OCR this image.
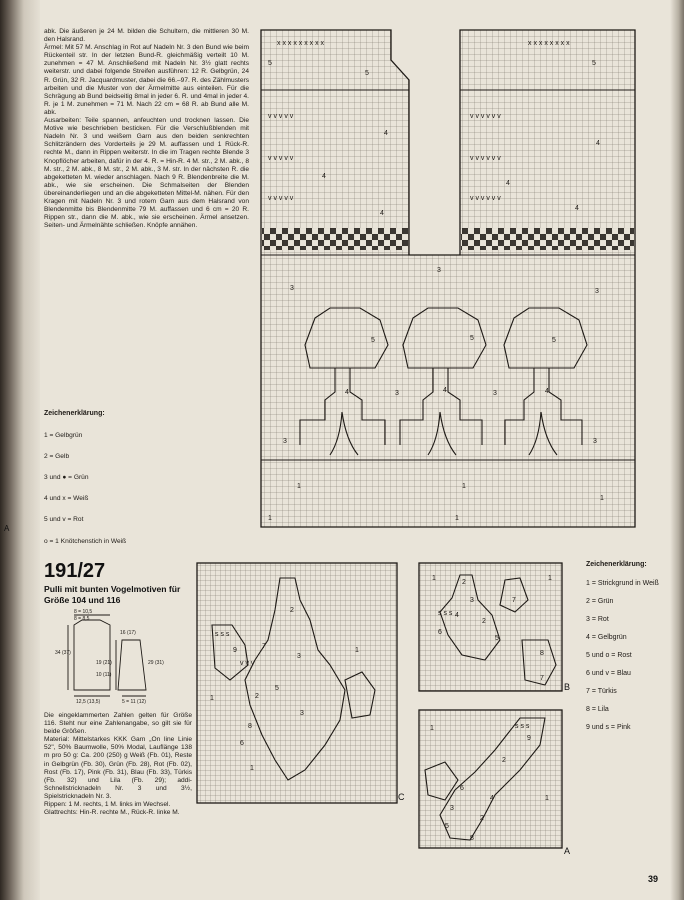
A
5
5
5
4
4
4
4
4
4
3
3	3
5	5	5
4	4	4
3
3	3
3
1	1
1
1	1
x x x x x x x x x	x x x x x x x x
v v v v v	v v v v v v
v v v v v	v v v v v v
v v v v v	v v v v v v
2
9
7
3
5
2
3
8
6
1
1
1
s s s
v v v
2
3
4
6
7
2
5
8
1	1
7
s s s
9
2
6
4
3
2
5
8
1
1
s s s
C
B
A
8 = 10,5
8 = 8,5
16 (17)
34 (37)
19 (21)
10 (11)
29 (31)
12,5 (13,5)	5 = 11 (12)
abk. Die äußeren je 24 M. bilden die Schultern, die mittleren 30 M. den Halsrand.
Ärmel: Mit 57 M. Anschlag in Rot auf Nadeln Nr. 3 den Bund wie beim Rückenteil str. In der letzten Bund-R. gleichmäßig verteilt 10 M. zunehmen = 47 M. Anschließend mit Nadeln Nr. 3½ glatt rechts weiterstr. und dabei folgende Streifen ausführen: 12 R. Gelbgrün, 24 R. Grün, 32 R. Jacquardmuster, dabei die 66.–97. R. des Zählmusters arbeiten und die Muster von der Ärmelmitte aus einteilen. Für die Schrägung ab Bund beidseitig 8mal in jeder 6. R. und 4mal in jeder 4. R. je 1 M. zunehmen = 71 M. Nach 22 cm = 68 R. ab Bund alle M. abk.
Ausarbeiten: Teile spannen, anfeuchten und trocknen lassen. Die Motive wie beschrieben besticken. Für die Verschlußblenden mit Nadeln Nr. 3 und weißem Garn aus den beiden senkrechten Schlitzrändern des Vorderteils je 29 M. auffassen und 1 Rück-R. rechte M., dann in Rippen weiterstr. In die im Tragen rechte Blende 3 Knopflöcher arbeiten, dafür in der 4. R. = Hin-R. 4 M. str., 2 M. abk., 8 M. str., 2 M. abk., 8 M. str., 2 M. abk., 3 M. str. In der nächsten R. die abgeketteten M. wieder anschlagen. Nach 9 R. Blendenbreite die M. abk., wie sie erscheinen. Die Schmalseiten der Blenden übereinanderliegen und an die abgeketteten Mittel-M. nähen. Für den Kragen mit Nadeln Nr. 3 und rotem Garn aus dem Halsrand von Blendenmitte bis Blendenmitte 79 M. auffassen und 6 cm = 20 R. Rippen str., dann die M. abk., wie sie erscheinen. Ärmel ansetzen. Seiten- und Ärmelnähte schließen. Knöpfe annähen.
Zeichenerklärung:
1 = Gelbgrün
2 = Gelb
3 und ● = Grün
4 und x = Weiß
5 und v = Rot
o = 1 Knötchenstich in Weiß
191/27
Pulli mit bunten Vogelmotiven für Größe 104 und 116
Die eingeklammerten Zahlen gelten für Größe 116. Steht nur eine Zahlenangabe, so gilt sie für beide Größen.
Material: Mittelstarkes KKK Garn „On line Linie 52", 50% Baumwolle, 50% Modal, Lauflänge 138 m pro 50 g: Ca. 200 (250) g Weiß (Fb. 01), Reste in Gelbgrün (Fb. 30), Grün (Fb. 28), Rot (Fb. 02), Rost (Fb. 17), Pink (Fb. 31), Blau (Fb. 33), Türkis (Fb. 32) und Lila (Fb. 29); addi-Schnellstricknadeln Nr. 3 und 3½, Spielstricknadeln Nr. 3.
Rippen: 1 M. rechts, 1 M. links im Wechsel.
Glattrechts: Hin-R. rechte M., Rück-R. linke M.
Zeichenerklärung:
1 = Strickgrund in Weiß
2 = Grün
3 = Rot
4 = Gelbgrün
5 und o = Rost
6 und v = Blau
7 = Türkis
8 = Lila
9 und s = Pink
39
